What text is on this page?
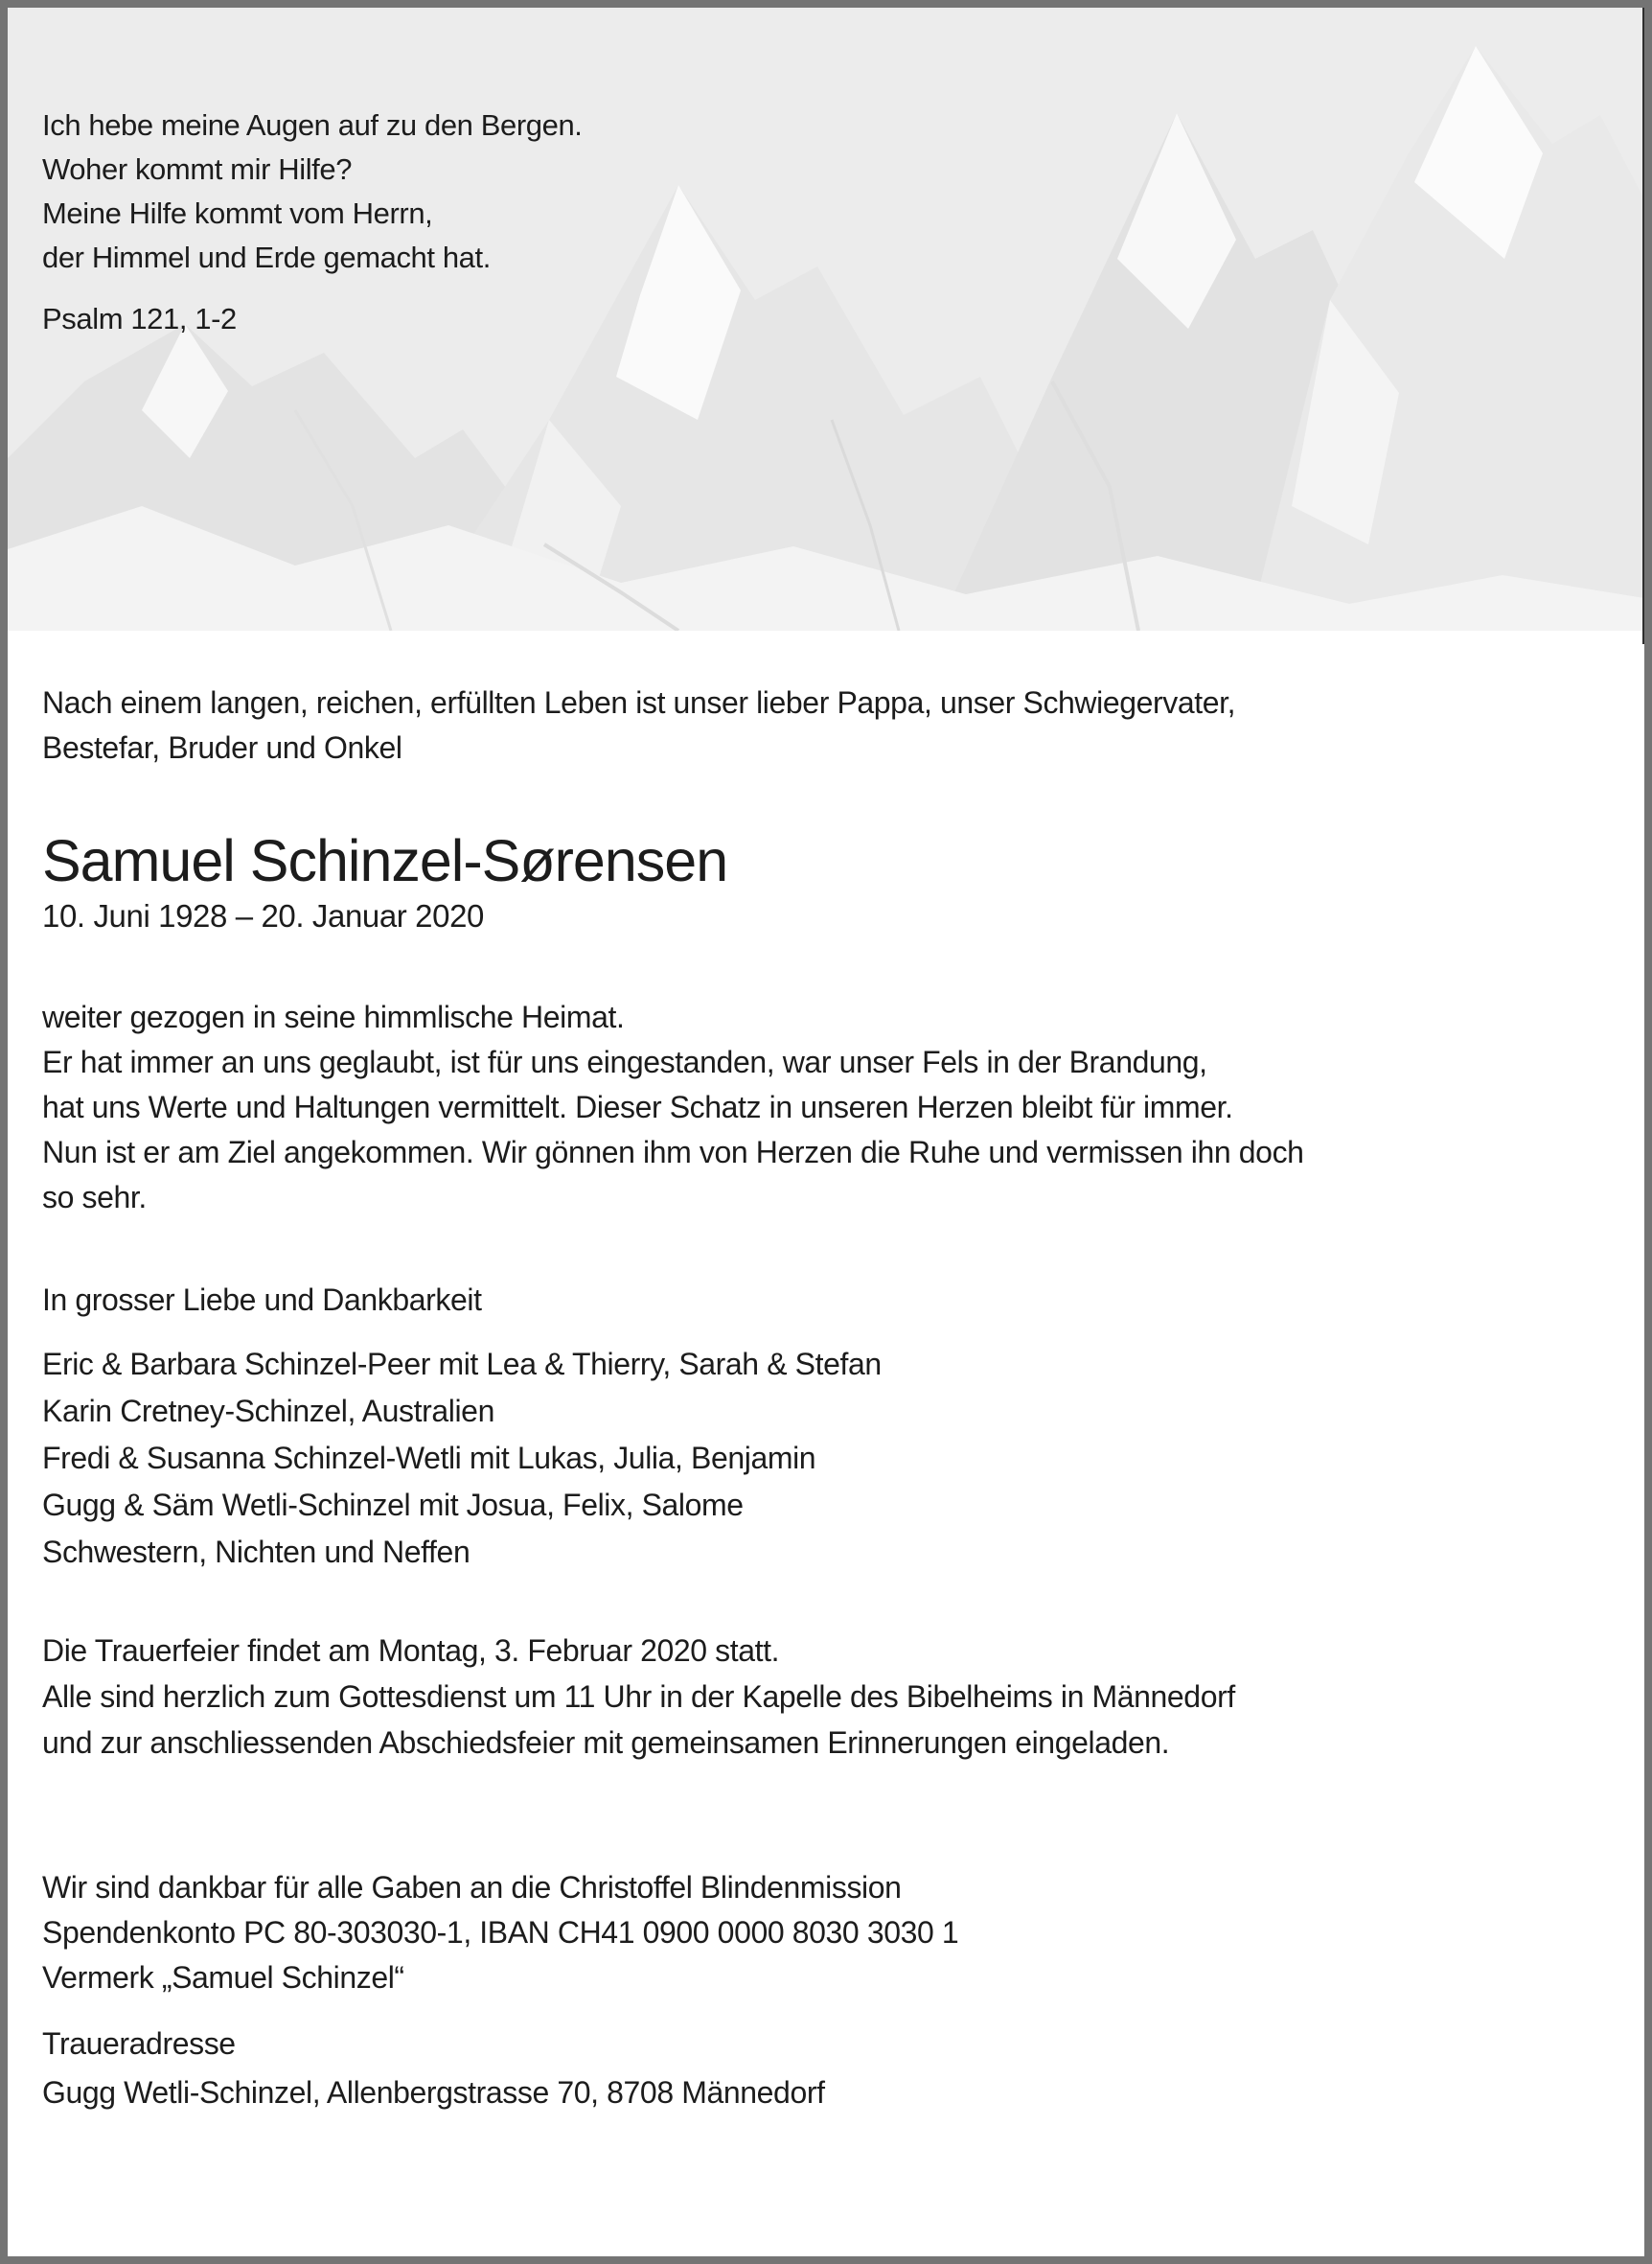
Ich hebe meine Augen auf zu den Bergen.
Woher kommt mir Hilfe?
Meine Hilfe kommt vom Herrn,
der Himmel und Erde gemacht hat.
Psalm 121, 1-2
Nach einem langen, reichen, erfüllten Leben ist unser lieber Pappa, unser Schwiegervater,
Bestefar, Bruder und Onkel
Samuel Schinzel-Sørensen
10. Juni 1928 – 20. Januar 2020
weiter gezogen in seine himmlische Heimat.
Er hat immer an uns geglaubt, ist für uns eingestanden, war unser Fels in der Brandung,
hat uns Werte und Haltungen vermittelt. Dieser Schatz in unseren Herzen bleibt für immer.
Nun ist er am Ziel angekommen. Wir gönnen ihm von Herzen die Ruhe und vermissen ihn doch
so sehr.
In grosser Liebe und Dankbarkeit
Eric & Barbara Schinzel-Peer mit Lea & Thierry, Sarah & Stefan
Karin Cretney-Schinzel, Australien
Fredi & Susanna Schinzel-Wetli mit Lukas, Julia, Benjamin
Gugg & Säm Wetli-Schinzel mit Josua, Felix, Salome
Schwestern, Nichten und Neffen
Die Trauerfeier findet am Montag, 3. Februar 2020 statt.
Alle sind herzlich zum Gottesdienst um 11 Uhr in der Kapelle des Bibelheims in Männedorf
und zur anschliessenden Abschiedsfeier mit gemeinsamen Erinnerungen eingeladen.
Wir sind dankbar für alle Gaben an die Christoffel Blindenmission
Spendenkonto PC 80-303030-1, IBAN CH41 0900 0000 8030 3030 1
Vermerk „Samuel Schinzel“
Traueradresse
Gugg Wetli-Schinzel, Allenbergstrasse 70, 8708 Männedorf
